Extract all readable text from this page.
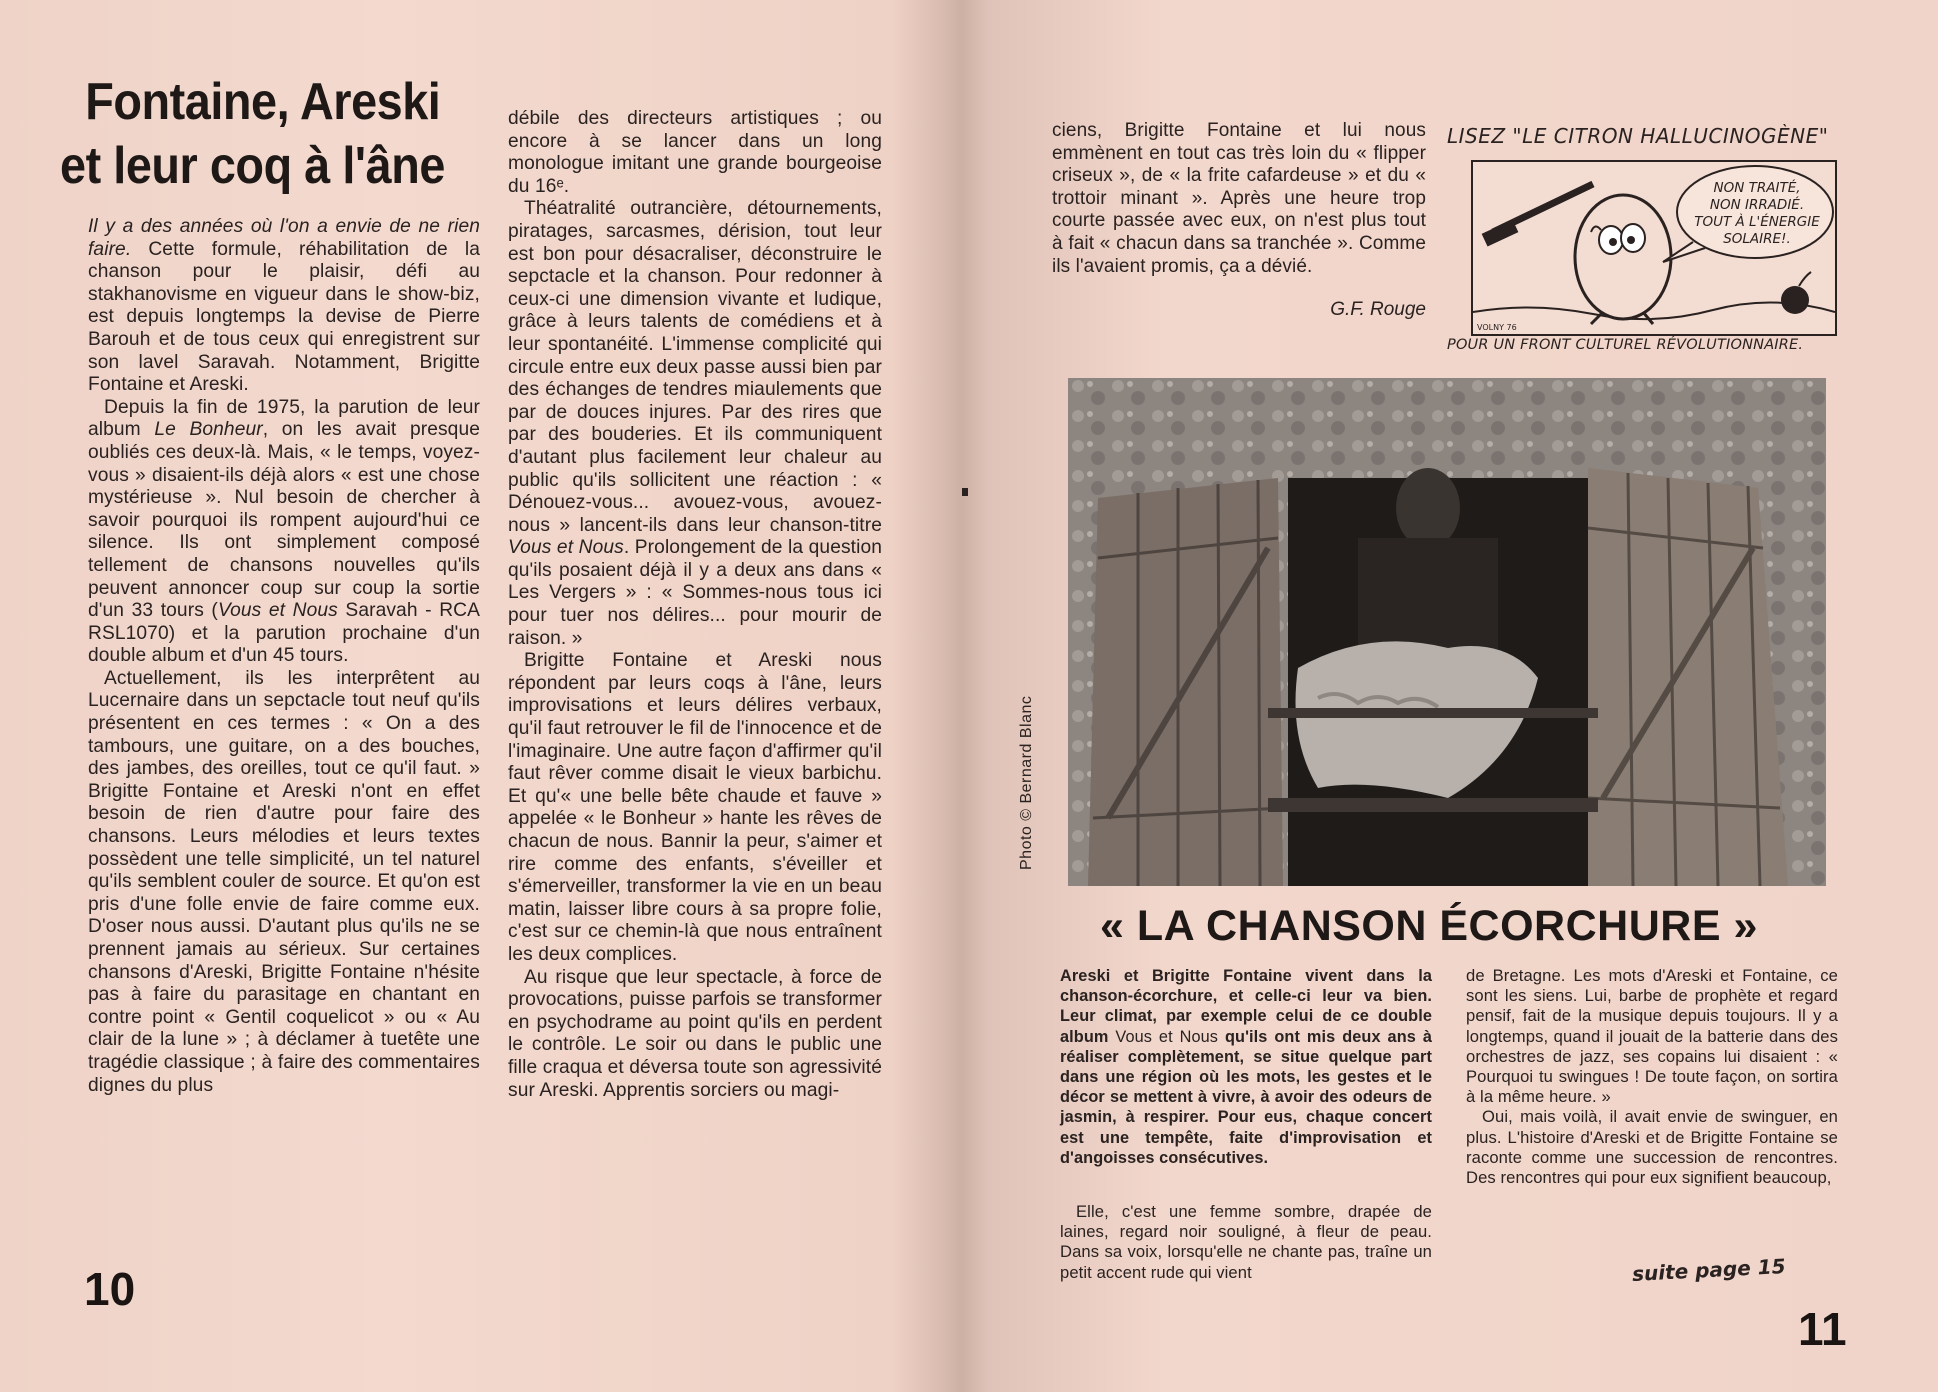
Fontaine, Areski
et leur coq à l'âne

Il y a des années où l'on a envie de ne rien faire. Cette formule, réhabilitation de la chanson pour le plaisir, défi au stakhanovisme en vigueur dans le show-biz, est depuis longtemps la devise de Pierre Barouh et de tous ceux qui enregistrent sur son lavel Saravah. Notamment, Brigitte Fontaine et Areski.

Depuis la fin de 1975, la parution de leur album Le Bonheur, on les avait presque oubliés ces deux-là. Mais, « le temps, voyez-vous » disaient-ils déjà alors « est une chose mystérieuse ». Nul besoin de chercher à savoir pourquoi ils rompent aujourd'hui ce silence. Ils ont simplement composé tellement de chansons nouvelles qu'ils peuvent annoncer coup sur coup la sortie d'un 33 tours (Vous et Nous Saravah - RCA RSL1070) et la parution prochaine d'un double album et d'un 45 tours.

Actuellement, ils les interprêtent au Lucernaire dans un sepctacle tout neuf qu'ils présentent en ces termes : « On a des tambours, une guitare, on a des bouches, des jambes, des oreilles, tout ce qu'il faut. » Brigitte Fontaine et Areski n'ont en effet besoin de rien d'autre pour faire des chansons. Leurs mélodies et leurs textes possèdent une telle simplicité, un tel naturel qu'ils semblent couler de source. Et qu'on est pris d'une folle envie de faire comme eux. D'oser nous aussi. D'autant plus qu'ils ne se prennent jamais au sérieux. Sur certaines chansons d'Areski, Brigitte Fontaine n'hésite pas à faire du parasitage en chantant en contre point « Gentil coquelicot » ou « Au clair de la lune » ; à déclamer à tuetête une tragédie classique ; à faire des commentaires dignes du plus

débile des directeurs artistiques ; ou encore à se lancer dans un long monologue imitant une grande bourgeoise du 16ᵉ.

Théatralité outrancière, détournements, piratages, sarcasmes, dérision, tout leur est bon pour désacraliser, déconstruire le sepctacle et la chanson. Pour redonner à ceux-ci une dimension vivante et ludique, grâce à leurs talents de comédiens et à leur spontanéité. L'immense complicité qui circule entre eux deux passe aussi bien par des échanges de tendres miaulements que par de douces injures. Par des rires que par des bouderies. Et ils communiquent d'autant plus facilement leur chaleur au public qu'ils sollicitent une réaction : « Dénouez-vous... avouez-vous, avouez-nous » lancent-ils dans leur chanson-titre Vous et Nous. Prolongement de la question qu'ils posaient déjà il y a deux ans dans « Les Vergers » : « Sommes-nous tous ici pour tuer nos délires... pour mourir de raison. »

Brigitte Fontaine et Areski nous répondent par leurs coqs à l'âne, leurs improvisations et leurs délires verbaux, qu'il faut retrouver le fil de l'innocence et de l'imaginaire. Une autre façon d'affirmer qu'il faut rêver comme disait le vieux barbichu. Et qu'« une belle bête chaude et fauve » appelée « le Bonheur » hante les rêves de chacun de nous. Bannir la peur, s'aimer et rire comme des enfants, s'éveiller et s'émerveiller, transformer la vie en un beau matin, laisser libre cours à sa propre folie, c'est sur ce chemin-là que nous entraînent les deux complices.

Au risque que leur spectacle, à force de provocations, puisse parfois se transformer en psychodrame au point qu'ils en perdent le contrôle. Le soir ou dans le public une fille craqua et déversa toute son agressivité sur Areski. Apprentis sorciers ou magi-

10

ciens, Brigitte Fontaine et lui nous emmènent en tout cas très loin du « flipper criseux », de « la frite cafardeuse » et du « trottoir minant ». Après une heure trop courte passée avec eux, on n'est plus tout à fait « chacun dans sa tranchée ». Comme ils l'avaient promis, ça a dévié.

G.F. Rouge
LISEZ "LE CITRON HALLUCINOGÈNE"
VOLNY 76
NON TRAITÉ,
NON IRRADIÉ.
TOUT À L'ÉNERGIE
SOLAIRE!.
POUR UN FRONT CULTUREL RÉVOLUTIONNAIRE.
Photo © Bernard Blanc
« LA CHANSON ÉCORCHURE »

Areski et Brigitte Fontaine vivent dans la chanson-écorchure, et celle-ci leur va bien. Leur climat, par exemple celui de ce double album Vous et Nous qu'ils ont mis deux ans à réaliser complètement, se situe quelque part dans une région où les mots, les gestes et le décor se mettent à vivre, à avoir des odeurs de jasmin, à respirer. Pour eus, chaque concert est une tempête, faite d'improvisation et d'angoisses consécutives.

Elle, c'est une femme sombre, drapée de laines, regard noir souligné, à fleur de peau. Dans sa voix, lorsqu'elle ne chante pas, traîne un petit accent rude qui vient

de Bretagne. Les mots d'Areski et Fontaine, ce sont les siens. Lui, barbe de prophète et regard pensif, fait de la musique depuis toujours. Il y a longtemps, quand il jouait de la batterie dans des orchestres de jazz, ses copains lui disaient : « Pourquoi tu swingues ! De toute façon, on sortira à la même heure. »

Oui, mais voilà, il avait envie de swinguer, en plus. L'histoire d'Areski et de Brigitte Fontaine se raconte comme une succession de rencontres. Des rencontres qui pour eux signifient beaucoup,

suite page 15
11
